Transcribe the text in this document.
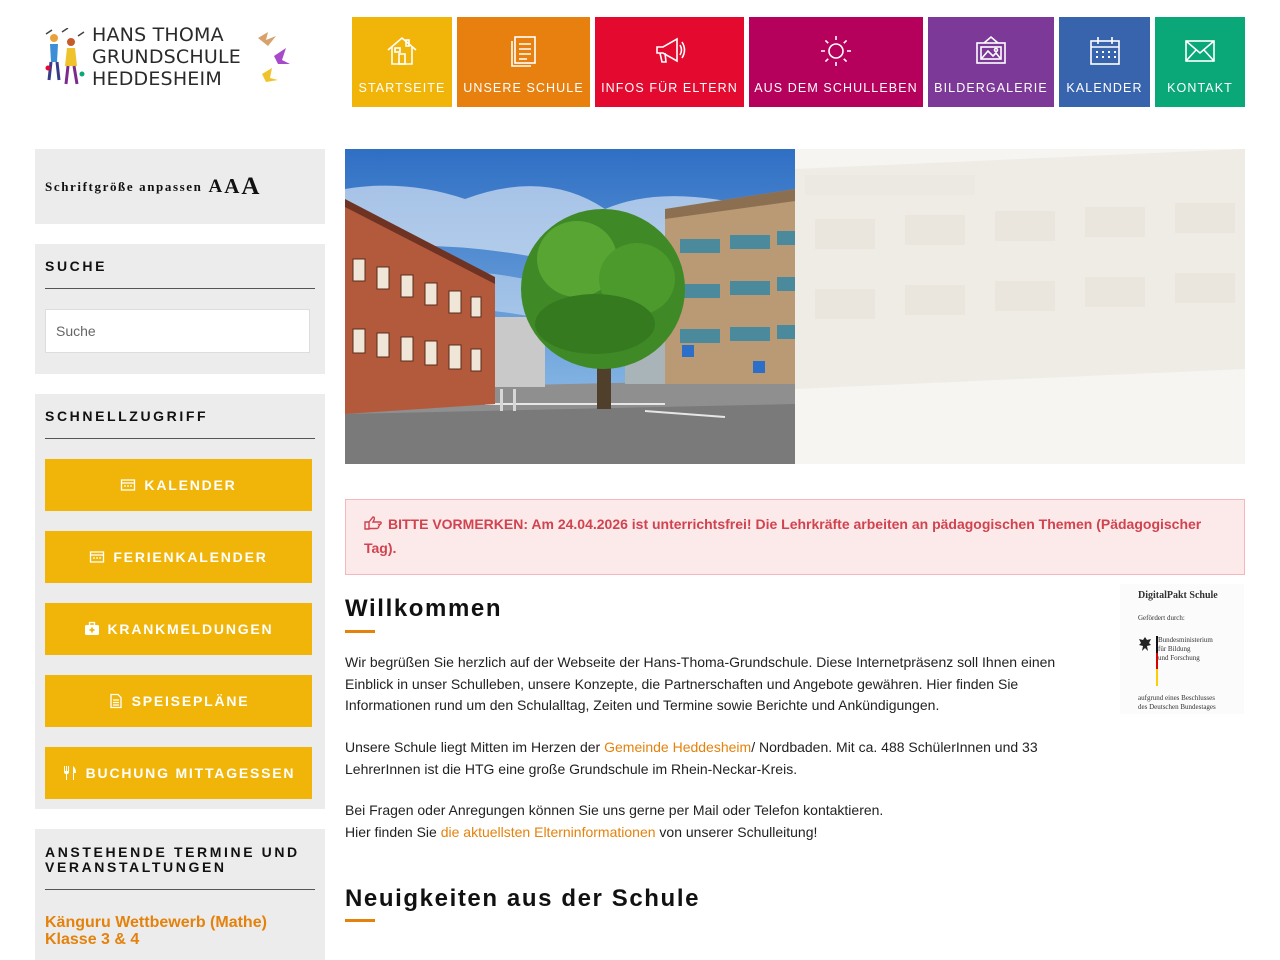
HANS THOMA
GRUNDSCHULE
HEDDESHEIM	STARTSEITE UNSERE SCHULE INFOS FÜR ELTERN AUS DEM SCHULLEBEN BILDERGALERIE KALENDER KONTAKT
Schriftgröße anpassen A A A
SUCHE
Suche
SCHNELLZUGRIFF
KALENDER
FERIENKALENDER
KRANKMELDUNGEN
SPEISEPLÄNE
BUCHUNG MITTAGESSEN
ANSTEHENDE TERMINE UND VERANSTALTUNGEN
Känguru Wettbewerb (Mathe) Klasse 3 & 4
BITTE VORMERKEN: Am 24.04.2026 ist unterrichtsfrei! Die Lehrkräfte arbeiten an pädagogischen Themen (Pädagogischer Tag).
Willkommen	DigitalPakt Schule
Gefördert durch:
Bundesministerium
für Bildung
und Forschung
aufgrund eines Beschlusses
des Deutschen Bundestages

Wir begrüßen Sie herzlich auf der Webseite der Hans-Thoma-Grundschule. Diese Internetpräsenz soll Ihnen einen Einblick in unser Schulleben, unsere Konzepte, die Partnerschaften und Angebote gewähren. Hier finden Sie Informationen rund um den Schulalltag, Zeiten und Termine sowie Berichte und Ankündigungen.

Unsere Schule liegt Mitten im Herzen der Gemeinde Heddesheim/ Nordbaden. Mit ca. 488 SchülerInnen und 33 LehrerInnen ist die HTG eine große Grundschule im Rhein-Neckar-Kreis.

Bei Fragen oder Anregungen können Sie uns gerne per Mail oder Telefon kontaktieren.
Hier finden Sie die aktuellsten Elterninformationen von unserer Schulleitung!

Neuigkeiten aus der Schule
